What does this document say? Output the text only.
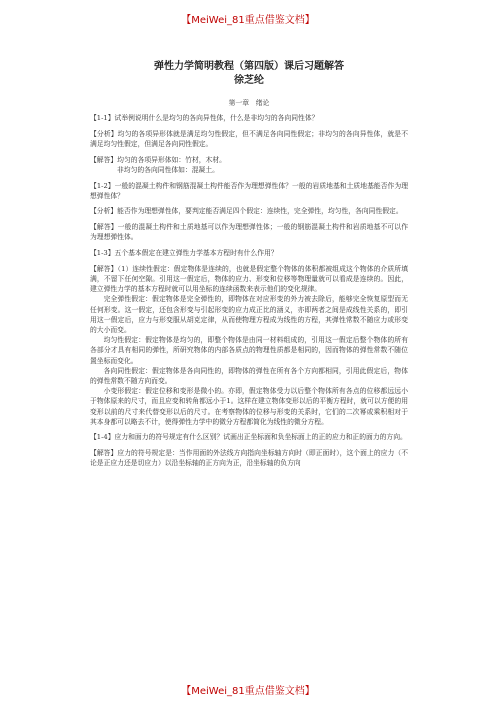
【MeiWei_81重点借鉴文档】
弹性力学简明教程（第四版）课后习题解答
徐芝纶
第一章　绪论

【1-1】试举例说明什么是均匀的各向异性体，什么是非均匀的各向同性体？

【分析】均匀的各项异形体就是满足均匀性假定，但不满足各向同性假定；非均匀的各向异性体，就是不满足均匀性假定，但满足各向同性假定。

【解答】均匀的各项异形体如：竹材，木材。

非均匀的各向同性体如：混凝土。

【1-2】一般的混凝土构件和钢筋混凝土构件能否作为理想弹性体？一般的岩质地基和土质地基能否作为理想弹性体？

【分析】能否作为理想弹性体，要判定能否满足四个假定：连续性，完全弹性，均匀性，各向同性假定。

【解答】一般的混凝土构件和土质地基可以作为理想弹性体；一般的钢筋混凝土构件和岩质地基不可以作为理想弹性体。

【1-3】五个基本假定在建立弹性力学基本方程时有什么作用？

【解答】（1）连续性假定：假定物体是连续的，也就是假定整个物体的体积都被组成这个物体的介质所填满，不留下任何空隙。引用这一假定后，物体的应力、形变和位移等物理量就可以看成是连续的。因此，建立弹性力学的基本方程时就可以用坐标的连续函数来表示他们的变化规律。

完全弹性假定：假定物体是完全弹性的，即物体在对应形变的外力被去除后，能够完全恢复原型而无任何形变。这一假定，还包含形变与引起形变的应力成正比的涵义，亦即两者之间是成线性关系的，即引用这一假定后，应力与形变服从胡克定律，从而使物理方程成为线性的方程，其弹性常数不随应力或形变的大小而变。

均匀性假定：假定物体是均匀的，即整个物体是由同一材料组成的，引用这一假定后整个物体的所有各部分才具有相同的弹性，所研究物体的内部各质点的物理性质都是相同的，因而物体的弹性常数不随位置坐标而变化。

各向同性假定：假定物体是各向同性的，即物体的弹性在所有各个方向都相同，引用此假定后，物体的弹性常数不随方向而变。

小变形假定：假定位移和变形是微小的。亦即，假定物体受力以后整个物体所有各点的位移都远远小于物体原来的尺寸，而且应变和转角都远小于1。这样在建立物体变形以后的平衡方程时，就可以方便的用变形以前的尺寸来代替变形以后的尺寸。在考察物体的位移与形变的关系时，它们的二次幂或乘积相对于其本身都可以略去不计，使得弹性力学中的微分方程都简化为线性的微分方程。

【1-4】应力和面力的符号规定有什么区别？试画出正坐标面和负坐标面上的正的应力和正的面力的方向。

【解答】应力的符号规定是：当作用面的外法线方向指向坐标轴方向时（即正面时），这个面上的应力（不论是正应力还是切应力）以沿坐标轴的正方向为正，沿坐标轴的负方向

【MeiWei_81重点借鉴文档】
